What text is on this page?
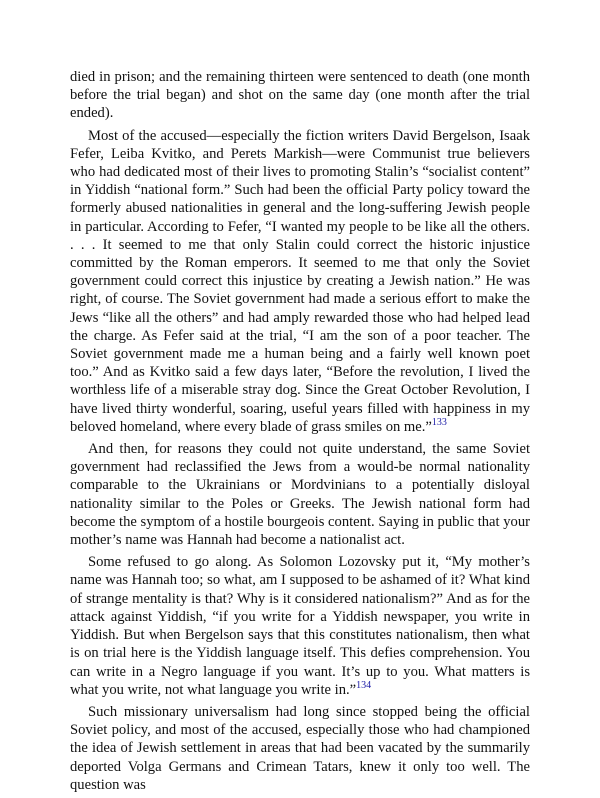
died in prison; and the remaining thirteen were sentenced to death (one month before the trial began) and shot on the same day (one month after the trial ended).

Most of the accused—especially the fiction writers David Bergelson, Isaak Fefer, Leiba Kvitko, and Perets Markish—were Communist true believers who had dedicated most of their lives to promoting Stalin’s “socialist content” in Yiddish “national form.” Such had been the official Party policy toward the formerly abused nationalities in general and the long-suffering Jewish people in particular. According to Fefer, “I wanted my people to be like all the others. . . . It seemed to me that only Stalin could correct the historic injustice committed by the Roman emperors. It seemed to me that only the Soviet government could correct this injustice by creating a Jewish nation.” He was right, of course. The Soviet government had made a serious effort to make the Jews “like all the others” and had amply rewarded those who had helped lead the charge. As Fefer said at the trial, “I am the son of a poor teacher. The Soviet government made me a human being and a fairly well known poet too.” And as Kvitko said a few days later, “Before the revolution, I lived the worthless life of a miserable stray dog. Since the Great October Revolution, I have lived thirty wonderful, soaring, useful years filled with happiness in my beloved homeland, where every blade of grass smiles on me.”$^{133}$

And then, for reasons they could not quite understand, the same Soviet government had reclassified the Jews from a would-be normal nationality comparable to the Ukrainians or Mordvinians to a potentially disloyal nationality similar to the Poles or Greeks. The Jewish national form had become the symptom of a hostile bourgeois content. Saying in public that your mother’s name was Hannah had become a nationalist act.

Some refused to go along. As Solomon Lozovsky put it, “My mother’s name was Hannah too; so what, am I supposed to be ashamed of it? What kind of strange mentality is that? Why is it considered nationalism?” And as for the attack against Yiddish, “if you write for a Yiddish newspaper, you write in Yiddish. But when Bergelson says that this constitutes nationalism, then what is on trial here is the Yiddish language itself. This defies comprehension. You can write in a Negro language if you want. It’s up to you. What matters is what you write, not what language you write in.”$^{134}$

Such missionary universalism had long since stopped being the official Soviet policy, and most of the accused, especially those who had championed the idea of Jewish settlement in areas that had been vacated by the summarily deported Volga Germans and Crimean Tatars, knew it only too well. The question was
